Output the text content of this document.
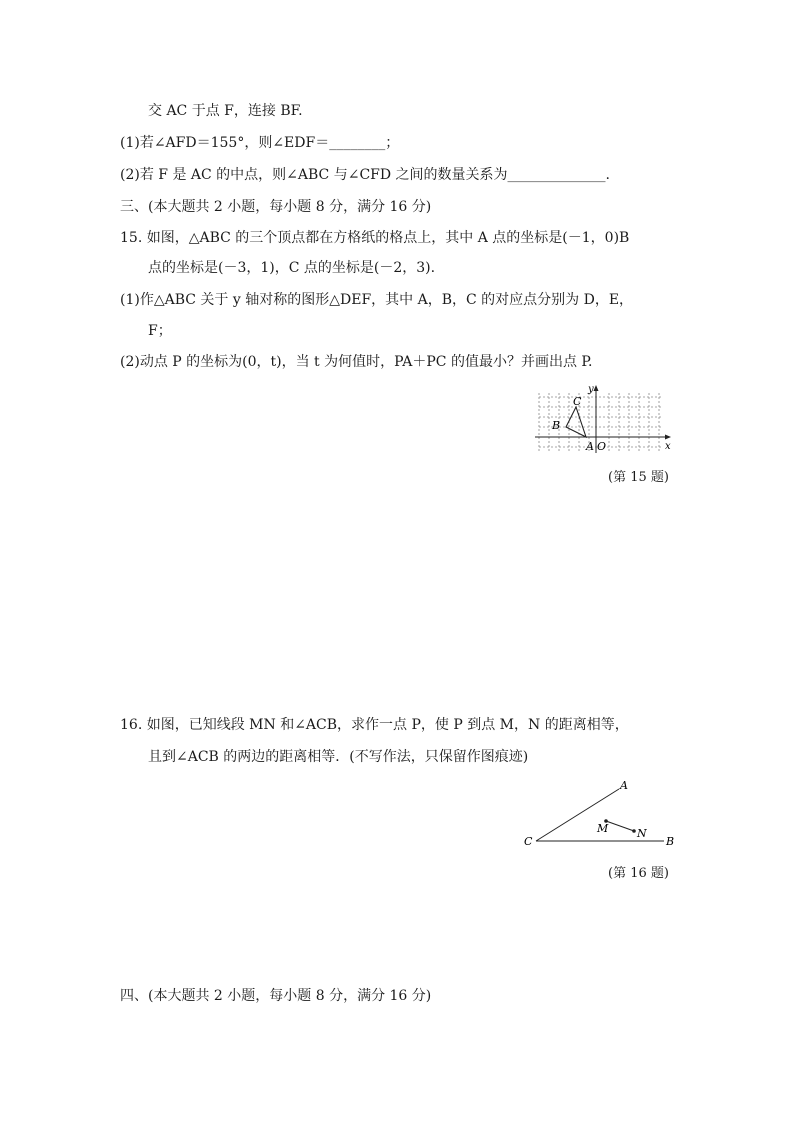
交 AC 于点 F，连接 BF.
(1)若∠AFD＝155°，则∠EDF＝________；
(2)若 F 是 AC 的中点，则∠ABC 与∠CFD 之间的数量关系为______________.
三、(本大题共 2 小题，每小题 8 分，满分 16 分)
15. 如图，△ABC 的三个顶点都在方格纸的格点上，其中 A 点的坐标是(－1，0)B
点的坐标是(－3，1)，C 点的坐标是(－2，3).
(1)作△ABC 关于 y 轴对称的图形△DEF，其中 A，B，C 的对应点分别为 D，E，
F；
(2)动点 P 的坐标为(0，t)，当 t 为何值时，PA＋PC 的值最小？并画出点 P.
C
B
A O	x
y
(第 15 题)
16. 如图，已知线段 MN 和∠ACB，求作一点 P，使 P 到点 M，N 的距离相等，
且到∠ACB 的两边的距离相等．(不写作法，只保留作图痕迹)
A
M	N
C	B
(第 16 题)
四、(本大题共 2 小题，每小题 8 分，满分 16 分)
